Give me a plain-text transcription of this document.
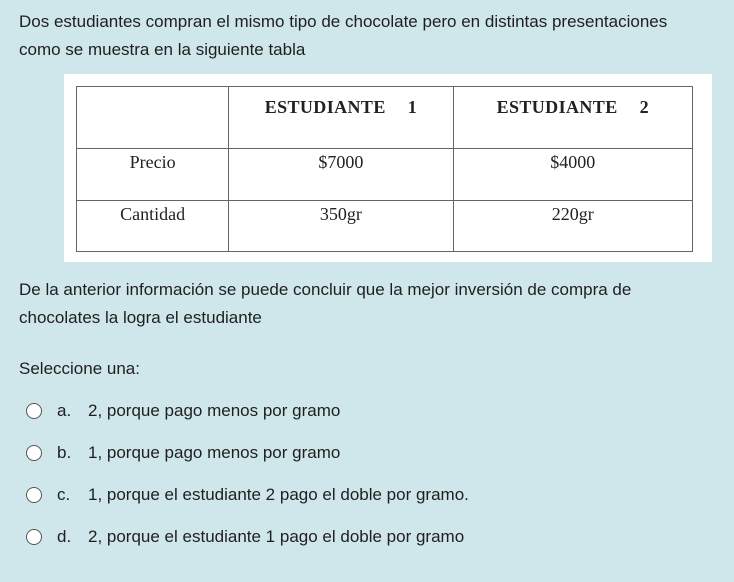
Dos estudiantes compran el mismo tipo de chocolate pero en distintas presentaciones
como se muestra en la siguiente tabla
	ESTUDIANTE 1	ESTUDIANTE 2
Precio	$7000	$4000
Cantidad	350gr	220gr
De la anterior información se puede concluir que la mejor inversión de compra de
chocolates la logra el estudiante
Seleccione una:
a. 2, porque pago menos por gramo
b. 1, porque pago menos por gramo
c.	1, porque el estudiante 2 pago el doble por gramo.
d. 2, porque el estudiante 1 pago el doble por gramo
